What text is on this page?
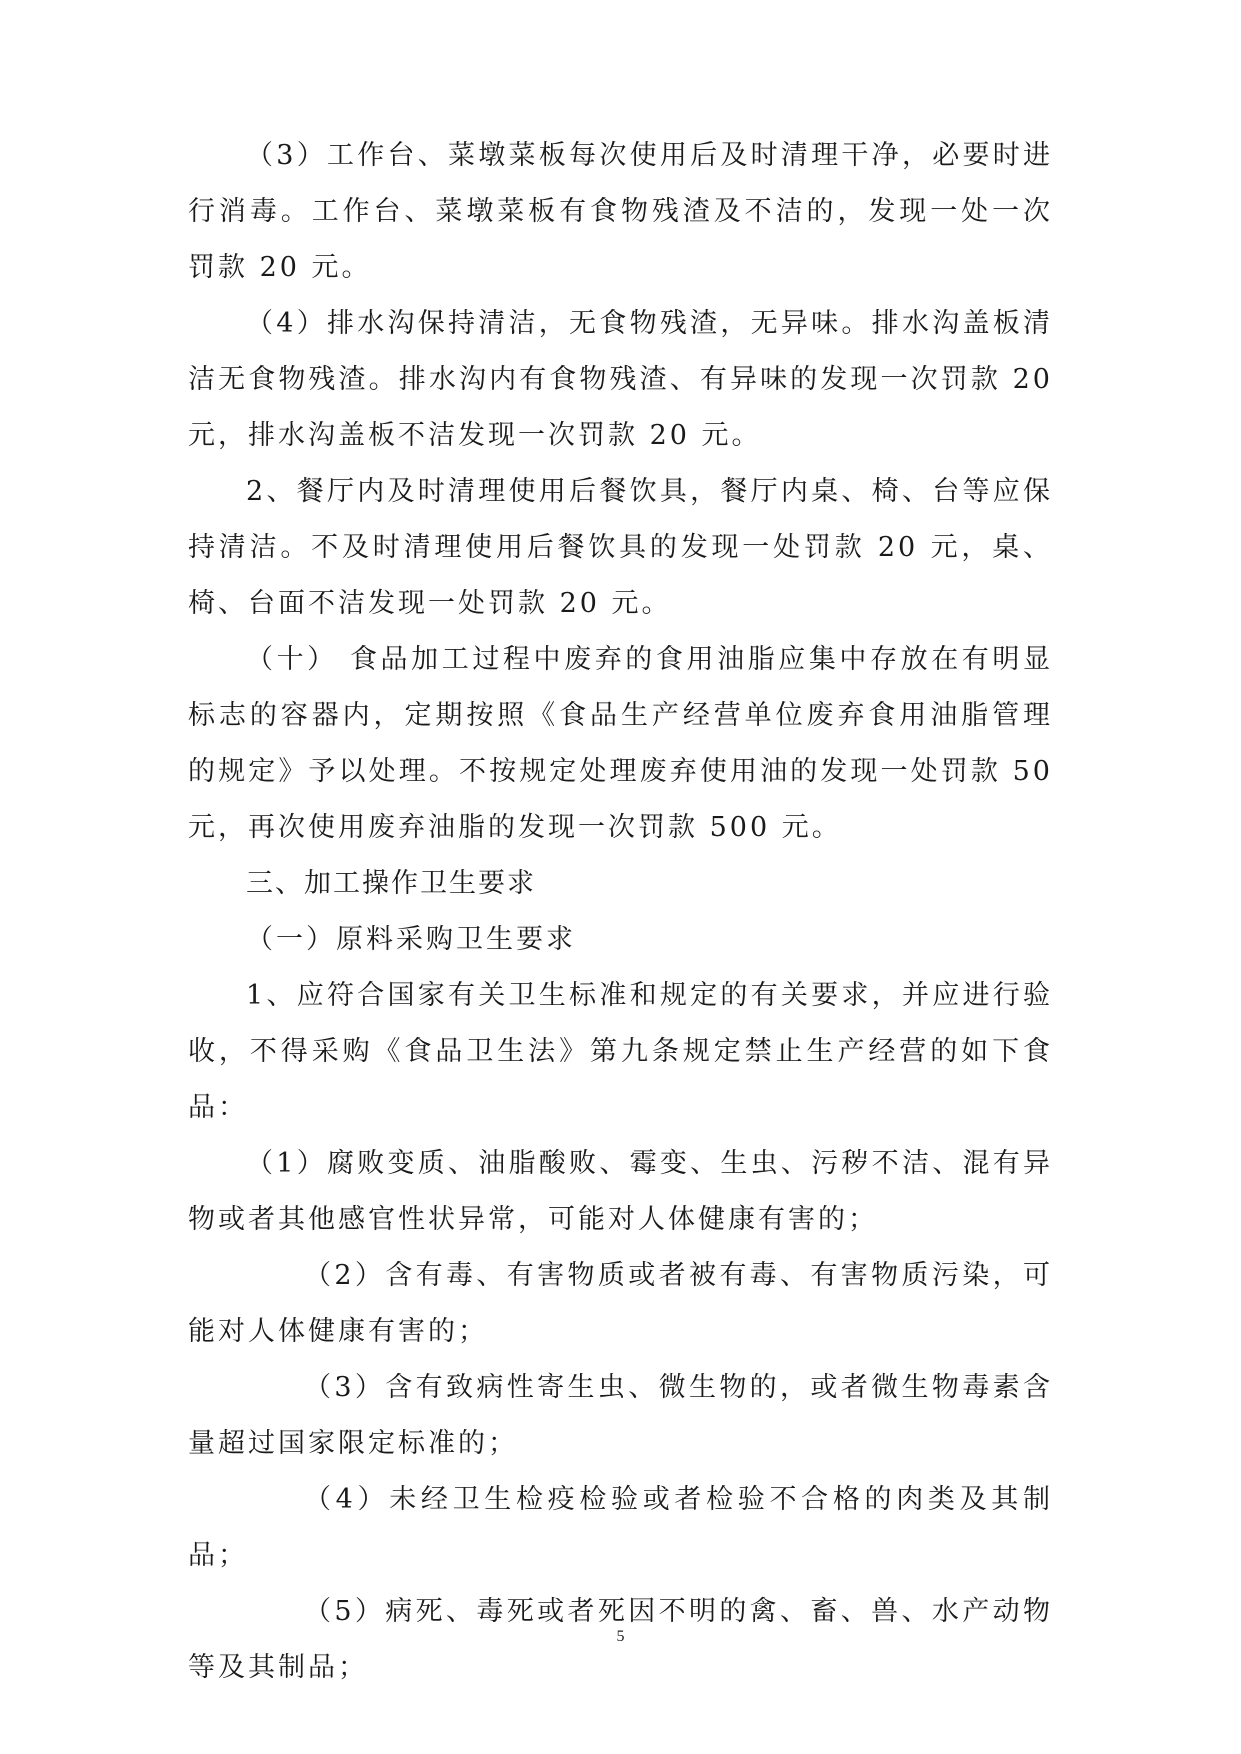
（3）工作台、菜墩菜板每次使用后及时清理干净，必要时进行消毒。工作台、菜墩菜板有食物残渣及不洁的，发现一处一次罚款 20 元。

（4）排水沟保持清洁，无食物残渣，无异味。排水沟盖板清洁无食物残渣。排水沟内有食物残渣、有异味的发现一次罚款 20 元，排水沟盖板不洁发现一次罚款 20 元。

2、餐厅内及时清理使用后餐饮具，餐厅内桌、椅、台等应保持清洁。不及时清理使用后餐饮具的发现一处罚款 20 元，桌、椅、台面不洁发现一处罚款 20 元。

（十） 食品加工过程中废弃的食用油脂应集中存放在有明显标志的容器内，定期按照《食品生产经营单位废弃食用油脂管理的规定》予以处理。不按规定处理废弃使用油的发现一处罚款 50 元，再次使用废弃油脂的发现一次罚款 500 元。

三、加工操作卫生要求

（一）原料采购卫生要求

1、应符合国家有关卫生标准和规定的有关要求，并应进行验收，不得采购《食品卫生法》第九条规定禁止生产经营的如下食品：

（1）腐败变质、油脂酸败、霉变、生虫、污秽不洁、混有异物或者其他感官性状异常，可能对人体健康有害的；

（2）含有毒、有害物质或者被有毒、有害物质污染，可能对人体健康有害的；

（3）含有致病性寄生虫、微生物的，或者微生物毒素含量超过国家限定标准的；

（4）未经卫生检疫检验或者检验不合格的肉类及其制品；

（5）病死、毒死或者死因不明的禽、畜、兽、水产动物等及其制品；

5
